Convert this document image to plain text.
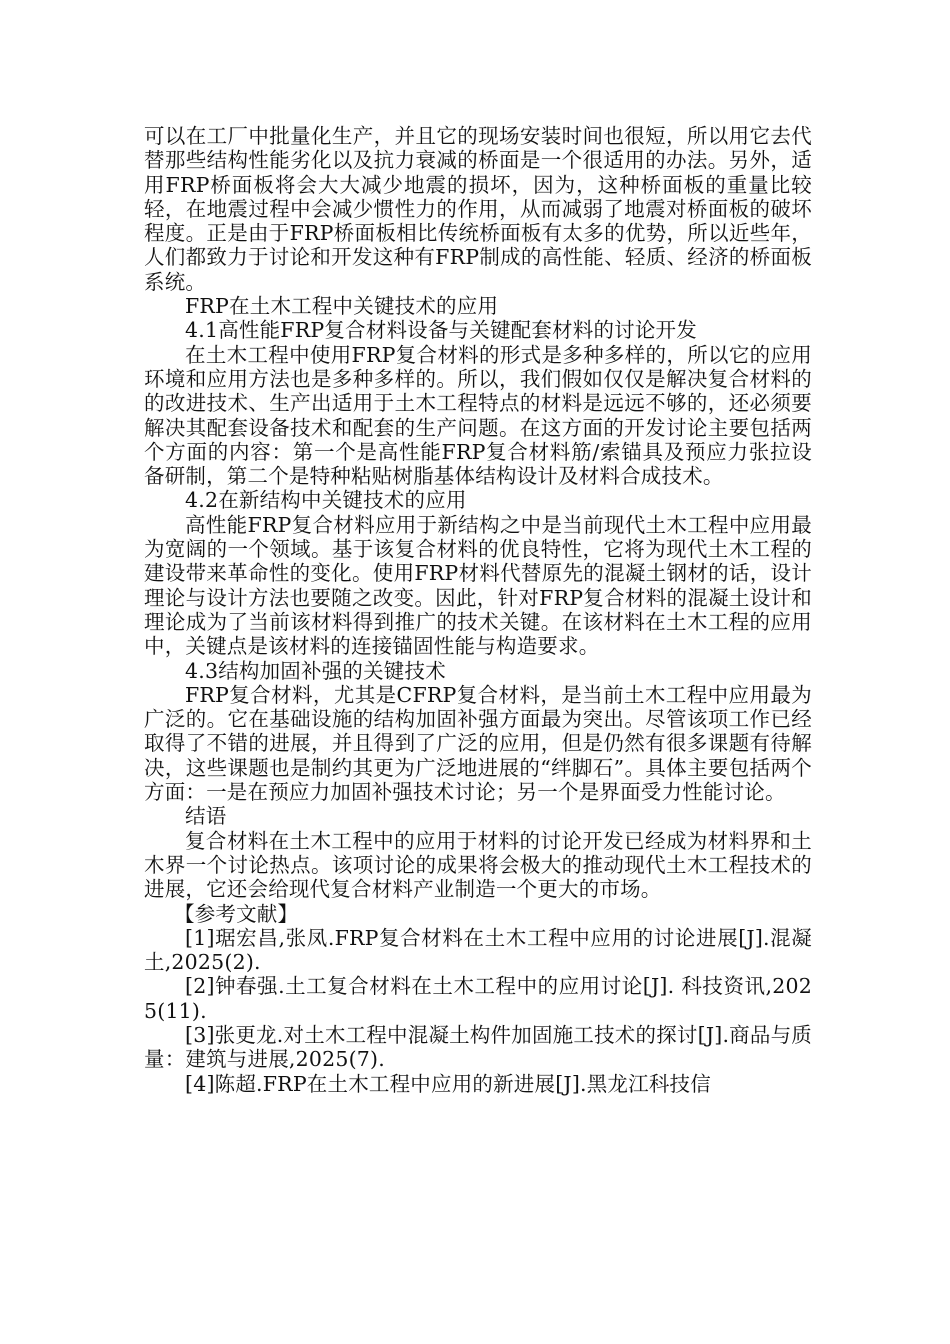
可以在工厂中批量化生产，并且它的现场安装时间也很短，所以用它去代替那些结构性能劣化以及抗力衰减的桥面是一个很适用的办法。另外，适用FRP桥面板将会大大减少地震的损坏，因为，这种桥面板的重量比较轻，在地震过程中会减少惯性力的作用，从而减弱了地震对桥面板的破坏程度。正是由于FRP桥面板相比传统桥面板有太多的优势，所以近些年，人们都致力于讨论和开发这种有FRP制成的高性能、轻质、经济的桥面板系统。

FRP在土木工程中关键技术的应用

4.1高性能FRP复合材料设备与关键配套材料的讨论开发

在土木工程中使用FRP复合材料的形式是多种多样的，所以它的应用环境和应用方法也是多种多样的。所以，我们假如仅仅是解决复合材料的的改进技术、生产出适用于土木工程特点的材料是远远不够的，还必须要解决其配套设备技术和配套的生产问题。在这方面的开发讨论主要包括两个方面的内容：第一个是高性能FRP复合材料筋/索锚具及预应力张拉设备研制，第二个是特种粘贴树脂基体结构设计及材料合成技术。

4.2在新结构中关键技术的应用

高性能FRP复合材料应用于新结构之中是当前现代土木工程中应用最为宽阔的一个领域。基于该复合材料的优良特性，它将为现代土木工程的建设带来革命性的变化。使用FRP材料代替原先的混凝土钢材的话，设计理论与设计方法也要随之改变。因此，针对FRP复合材料的混凝土设计和理论成为了当前该材料得到推广的技术关键。在该材料在土木工程的应用中，关键点是该材料的连接锚固性能与构造要求。

4.3结构加固补强的关键技术

FRP复合材料，尤其是CFRP复合材料，是当前土木工程中应用最为广泛的。它在基础设施的结构加固补强方面最为突出。尽管该项工作已经取得了不错的进展，并且得到了广泛的应用，但是仍然有很多课题有待解决，这些课题也是制约其更为广泛地进展的“绊脚石”。具体主要包括两个方面：一是在预应力加固补强技术讨论；另一个是界面受力性能讨论。

结语

复合材料在土木工程中的应用于材料的讨论开发已经成为材料界和土木界一个讨论热点。该项讨论的成果将会极大的推动现代土木工程技术的进展，它还会给现代复合材料产业制造一个更大的市场。

【参考文献】

[1]琚宏昌,张凤.FRP复合材料在土木工程中应用的讨论进展[J].混凝土,2025(2).

[2]钟春强.土工复合材料在土木工程中的应用讨论[J]. 科技资讯,2025(11).

[3]张更龙.对土木工程中混凝土构件加固施工技术的探讨[J].商品与质量：建筑与进展,2025(7).

[4]陈超.FRP在土木工程中应用的新进展[J].黑龙江科技信
